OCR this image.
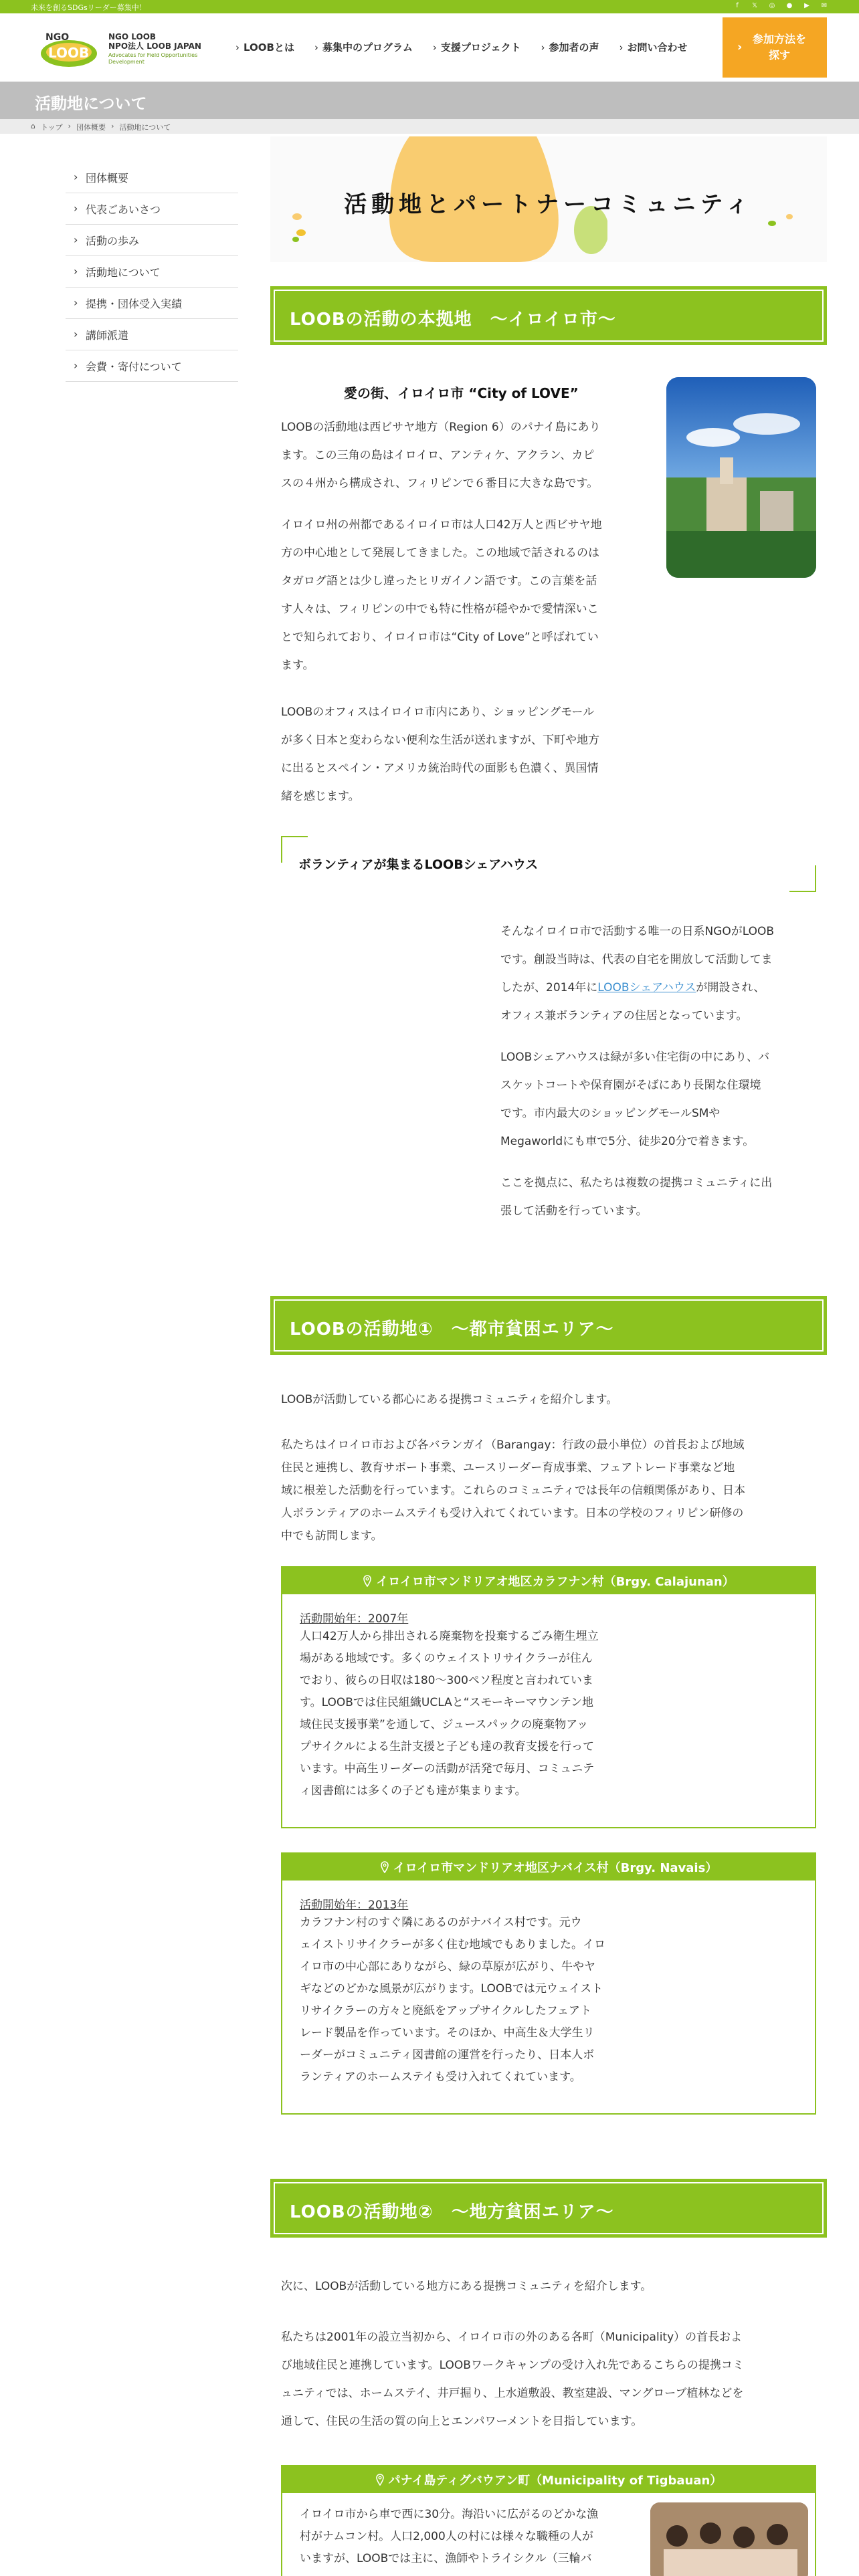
未来を創るSDGsリーダー募集中！	f	𝕏 ◎ ● ▶ ✉
NGO
LOOB
NGO LOOB
NPO法人 LOOB JAPAN
Advocates for Field Opportunities Development
› LOOBとは	› 募集中のプログラム	› 支援プロジェクト	› 参加者の声	› お問い合わせ
› 参加方法を
探す
活動地について
⌂ トップ › 団体概要 › 活動地について
› 団体概要
› 代表ごあいさつ
› 活動の歩み
› 活動地について
› 提携・団体受入実績
› 講師派遣
› 会費・寄付について
活動地とパートナーコミュニティ
LOOBの活動の本拠地　〜イロイロ市〜
愛の街、イロイロ市 “City of LOVE”
LOOBの活動地は西ビサヤ地方（Region 6）のパナイ島にあり
ます。この三角の島はイロイロ、アンティケ、アクラン、カピ
スの４州から構成され、フィリピンで６番目に大きな島です。
イロイロ州の州都であるイロイロ市は人口42万人と西ビサヤ地
方の中心地として発展してきました。この地域で話されるのは
タガログ語とは少し違ったヒリガイノン語です。この言葉を話
す人々は、フィリピンの中でも特に性格が穏やかで愛情深いこ
とで知られており、イロイロ市は“City of Love”と呼ばれてい
ます。
LOOBのオフィスはイロイロ市内にあり、ショッピングモール
が多く日本と変わらない便利な生活が送れますが、下町や地方
に出るとスペイン・アメリカ統治時代の面影も色濃く、異国情
緒を感じます。
ボランティアが集まるLOOBシェアハウス
そんなイロイロ市で活動する唯一の日系NGOがLOOB
です。創設当時は、代表の自宅を開放して活動してま
したが、2014年にLOOBシェアハウスが開設され、
オフィス兼ボランティアの住居となっています。
LOOBシェアハウスは緑が多い住宅街の中にあり、バ
スケットコートや保育園がそばにあり長閑な住環境
です。市内最大のショッピングモールSMや
Megaworldにも車で5分、徒歩20分で着きます。
ここを拠点に、私たちは複数の提携コミュニティに出
張して活動を行っています。
LOOBの活動地①　〜都市貧困エリア〜
LOOBが活動している都心にある提携コミュニティを紹介します。
私たちはイロイロ市および各バランガイ（Barangay：行政の最小単位）の首長および地域
住民と連携し、教育サポート事業、ユースリーダー育成事業、フェアトレード事業など地
域に根差した活動を行っています。これらのコミュニティでは長年の信頼関係があり、日本
人ボランティアのホームステイも受け入れてくれています。日本の学校のフィリピン研修の
中でも訪問します。
イロイロ市マンドリアオ地区カラフナン村（Brgy. Calajunan）
活動開始年：2007年
人口42万人から排出される廃棄物を投棄するごみ衛生埋立
場がある地域です。多くのウェイストリサイクラーが住ん
でおり、彼らの日収は180〜300ペソ程度と言われていま
す。LOOBでは住民組織UCLAと“スモーキーマウンテン地
域住民支援事業”を通して、ジュースパックの廃棄物アッ
プサイクルによる生計支援と子ども達の教育支援を行って
います。中高生リーダーの活動が活発で毎月、コミュニテ
ィ図書館には多くの子ども達が集まります。
イロイロ市マンドリアオ地区ナバイス村（Brgy. Navais）
活動開始年：2013年
カラフナン村のすぐ隣にあるのがナバイス村です。元ウ
ェイストリサイクラーが多く住む地域でもありました。イロ
イロ市の中心部にありながら、緑の草原が広がり、牛やヤ
ギなどのどかな風景が広がります。LOOBでは元ウェイスト
リサイクラーの方々と廃紙をアップサイクルしたフェアト
レード製品を作っています。そのほか、中高生＆大学生リ
ーダーがコミュニティ図書館の運営を行ったり、日本人ボ
ランティアのホームステイも受け入れてくれています。
LOOBの活動地②　〜地方貧困エリア〜
次に、LOOBが活動している地方にある提携コミュニティを紹介します。
私たちは2001年の設立当初から、イロイロ市の外のある各町（Municipality）の首長およ
び地域住民と連携しています。LOOBワークキャンプの受け入れ先であるこちらの提携コミ
ュニティでは、ホームステイ、井戸掘り、上水道敷設、教室建設、マングローブ植林などを
通して、住民の生活の質の向上とエンパワーメントを目指しています。
パナイ島ティグバウアン町（Municipality of Tigbauan）
イロイロ市から車で西に30分。海沿いに広がるのどかな漁
村がナムコン村。人口2,000人の村には様々な職種の人が
いますが、LOOBでは主に、漁師やトライシクル（三輪バ
